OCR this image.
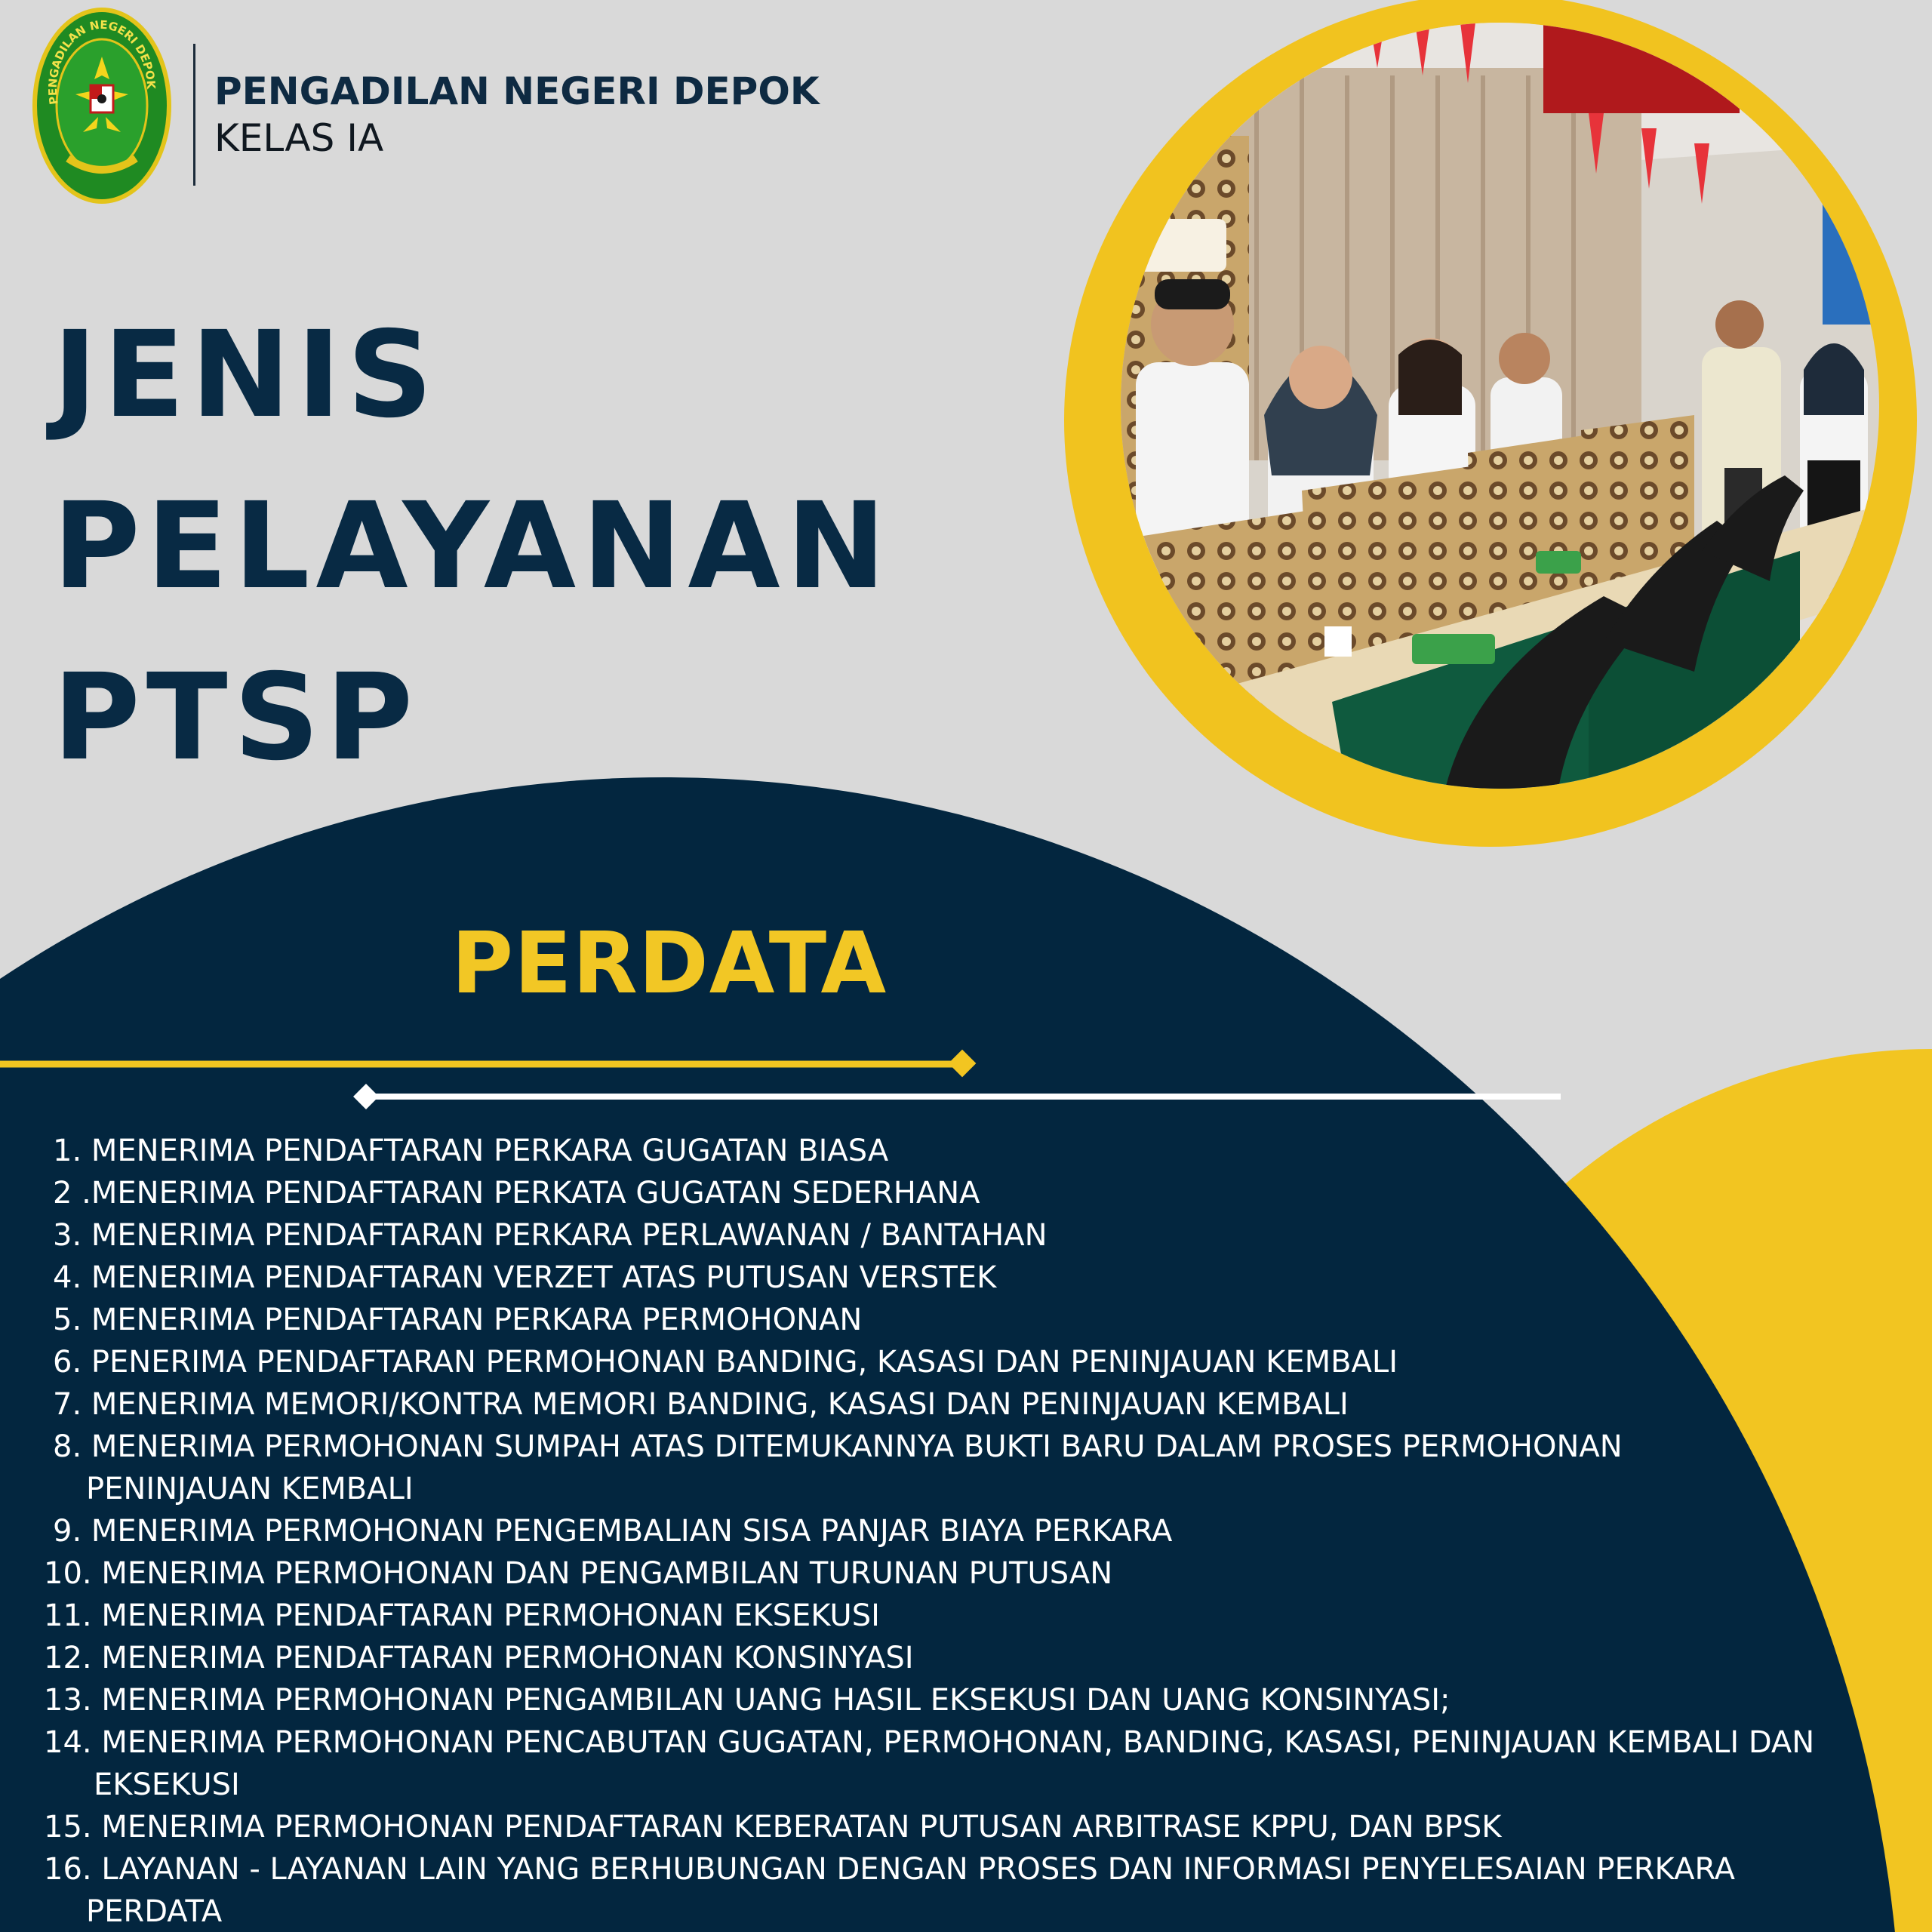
PENGADILAN NEGERI DEPOK PENGADILAN NEGERI DEPOK
KELAS IA
JENIS
PELAYANAN
PTSP
PERDATA
1. MENERIMA PENDAFTARAN PERKARA GUGATAN BIASA
2 .MENERIMA PENDAFTARAN PERKATA GUGATAN SEDERHANA
3. MENERIMA PENDAFTARAN PERKARA PERLAWANAN / BANTAHAN
4. MENERIMA PENDAFTARAN VERZET ATAS PUTUSAN VERSTEK
5. MENERIMA PENDAFTARAN PERKARA PERMOHONAN
6. PENERIMA PENDAFTARAN PERMOHONAN BANDING, KASASI DAN PENINJAUAN KEMBALI
7. MENERIMA MEMORI/KONTRA MEMORI BANDING, KASASI DAN PENINJAUAN KEMBALI
8. MENERIMA PERMOHONAN SUMPAH ATAS DITEMUKANNYA BUKTI BARU DALAM PROSES PERMOHONAN
PENINJAUAN KEMBALI
9. MENERIMA PERMOHONAN PENGEMBALIAN SISA PANJAR BIAYA PERKARA
10. MENERIMA PERMOHONAN DAN PENGAMBILAN TURUNAN PUTUSAN
11. MENERIMA PENDAFTARAN PERMOHONAN EKSEKUSI
12. MENERIMA PENDAFTARAN PERMOHONAN KONSINYASI
13. MENERIMA PERMOHONAN PENGAMBILAN UANG HASIL EKSEKUSI DAN UANG KONSINYASI;
14. MENERIMA PERMOHONAN PENCABUTAN GUGATAN, PERMOHONAN, BANDING, KASASI, PENINJAUAN KEMBALI DAN
EKSEKUSI
15. MENERIMA PERMOHONAN PENDAFTARAN KEBERATAN PUTUSAN ARBITRASE KPPU, DAN BPSK
16. LAYANAN - LAYANAN LAIN YANG BERHUBUNGAN DENGAN PROSES DAN INFORMASI PENYELESAIAN PERKARA
PERDATA
